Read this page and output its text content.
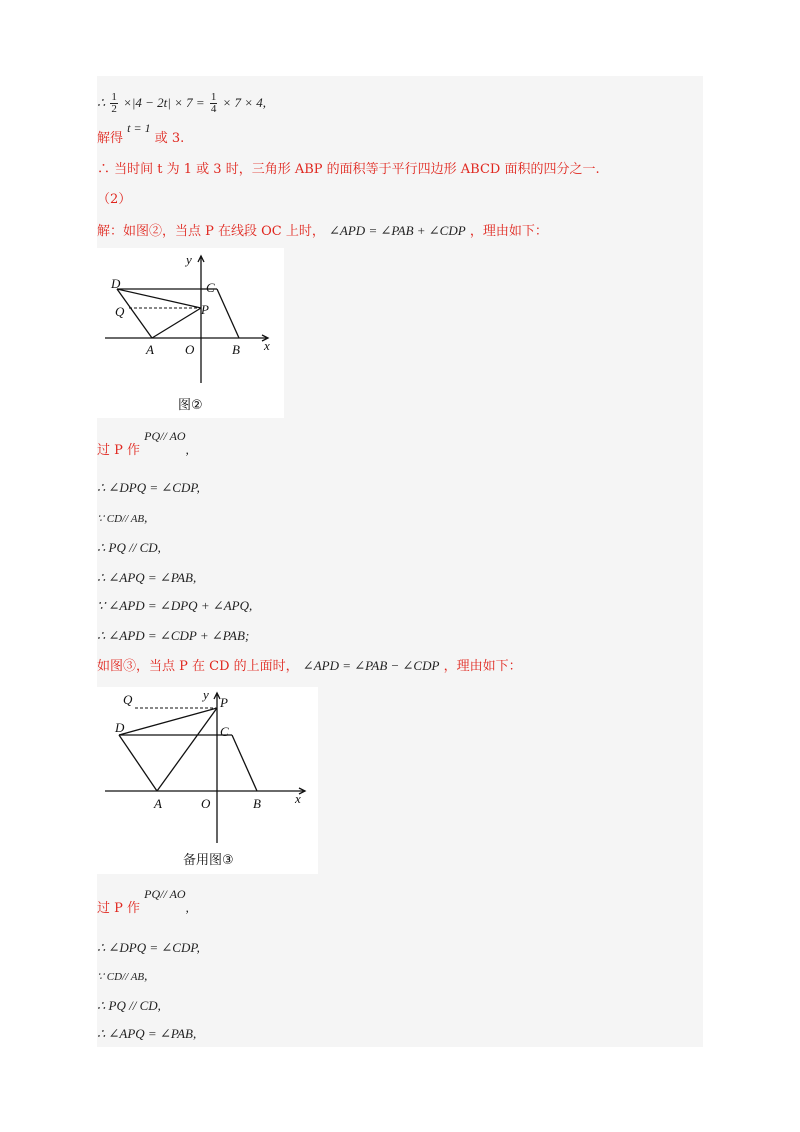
∴ $\frac{1}{2} \times|4 - 2t| \times 7 = \frac{1}{4} \times 7 \times 4$,
解得 t = 1 或 3.
∴ 当时间 t 为 1 或 3 时，三角形 ABP 的面积等于平行四边形 ABCD 面积的四分之一.
（2）
解：如图②，当点 P 在线段 OC 上时， ∠APD = ∠PAB + ∠CDP ，理由如下：
D	C
Q	P
A O	B x
y
图②
过 P 作 PQ// AO,
∴ ∠DPQ = ∠CDP,
∵ CD// AB,
∴ PQ // CD,
∴ ∠APQ = ∠PAB,
∵ ∠APD = ∠DPQ + ∠APQ,
∴ ∠APD = ∠CDP + ∠PAB;
如图③，当点 P 在 CD 的上面时， ∠APD = ∠PAB − ∠CDP ，理由如下：
D	C
Q	P
A	O	B	x
y
备用图③
过 P 作 PQ// AO,
∴ ∠DPQ = ∠CDP,
∵ CD// AB,
∴ PQ // CD,
∴ ∠APQ = ∠PAB,
